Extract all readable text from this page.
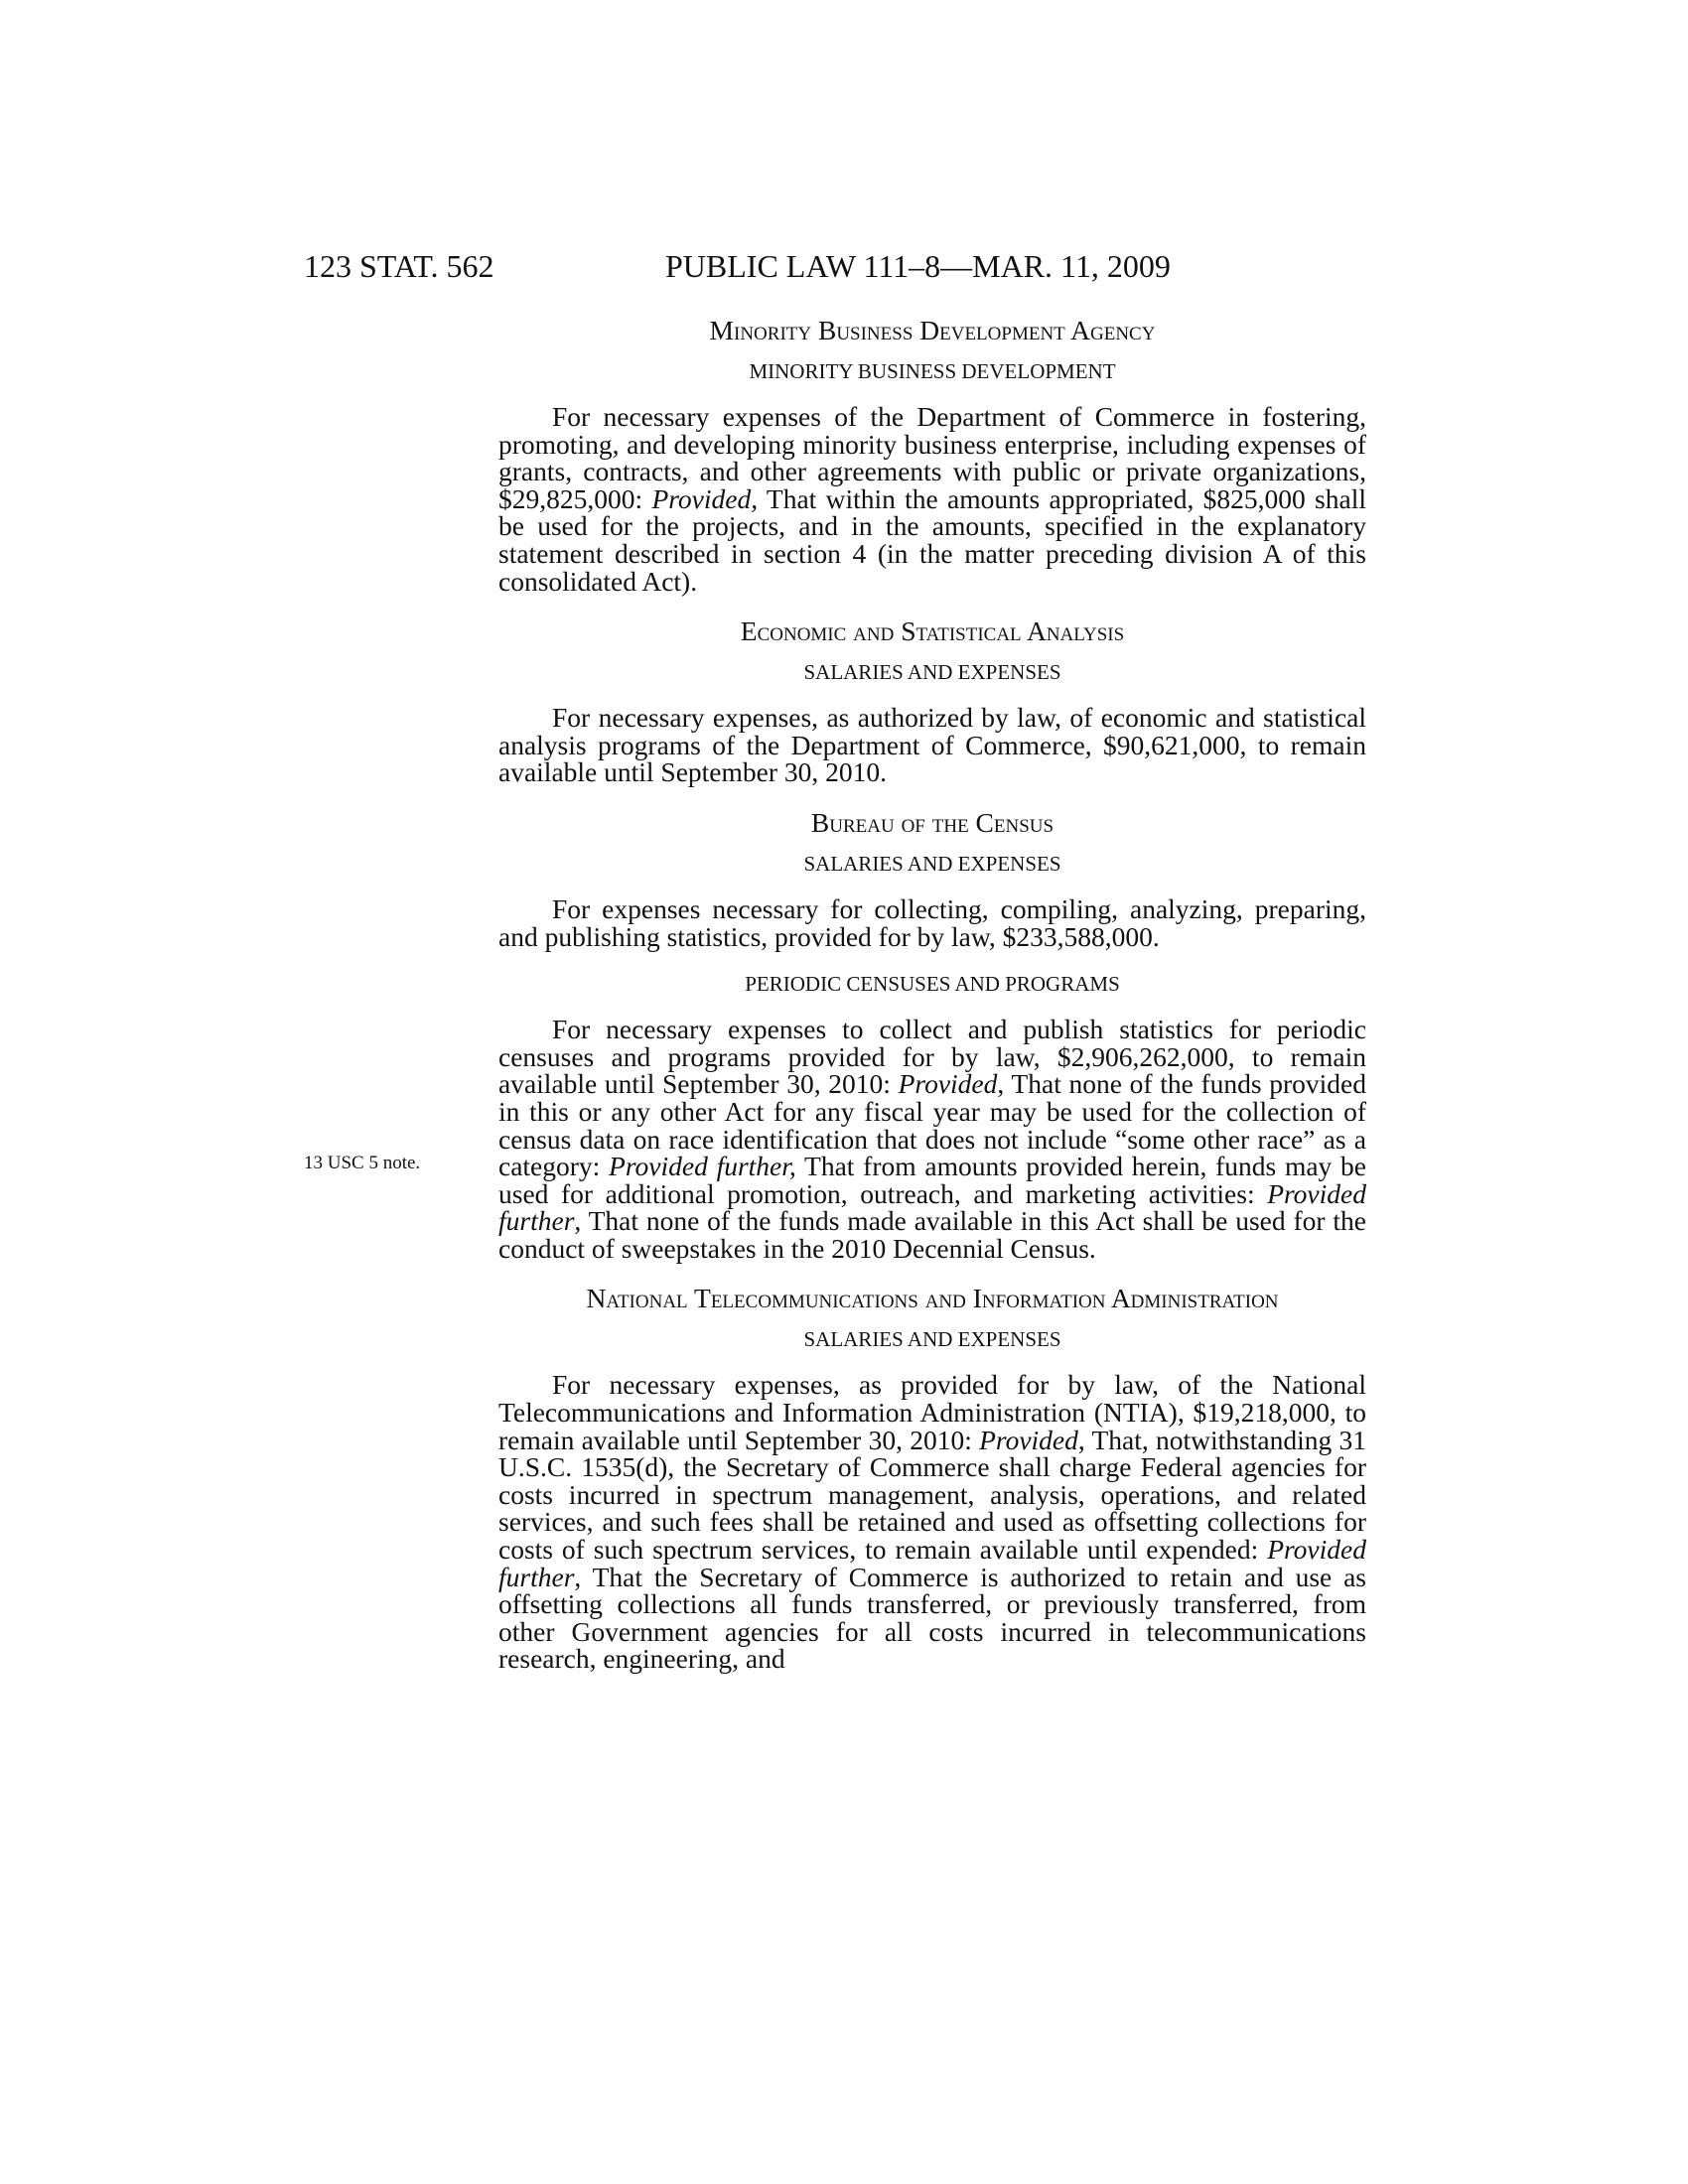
123 STAT. 562	PUBLIC LAW 111–8—MAR. 11, 2009
13 USC 5 note.
Minority Business Development Agency
MINORITY BUSINESS DEVELOPMENT

For necessary expenses of the Department of Commerce in fostering, promoting, and developing minority business enterprise, including expenses of grants, contracts, and other agreements with public or private organizations, $29,825,000: Provided, That within the amounts appropriated, $825,000 shall be used for the projects, and in the amounts, specified in the explanatory statement described in section 4 (in the matter preceding division A of this consolidated Act).

Economic and Statistical Analysis
SALARIES AND EXPENSES

For necessary expenses, as authorized by law, of economic and statistical analysis programs of the Department of Commerce, $90,621,000, to remain available until September 30, 2010.

Bureau of the Census
SALARIES AND EXPENSES

For expenses necessary for collecting, compiling, analyzing, preparing, and publishing statistics, provided for by law, $233,588,000.

PERIODIC CENSUSES AND PROGRAMS

For necessary expenses to collect and publish statistics for periodic censuses and programs provided for by law, $2,906,262,000, to remain available until September 30, 2010: Provided, That none of the funds provided in this or any other Act for any fiscal year may be used for the collection of census data on race identification that does not include “some other race” as a category: Provided further, That from amounts provided herein, funds may be used for additional promotion, outreach, and marketing activities: Provided further, That none of the funds made available in this Act shall be used for the conduct of sweepstakes in the 2010 Decennial Census.

National Telecommunications and Information Administration
SALARIES AND EXPENSES

For necessary expenses, as provided for by law, of the National Telecommunications and Information Administration (NTIA), $19,218,000, to remain available until September 30, 2010: Provided, That, notwithstanding 31 U.S.C. 1535(d), the Secretary of Commerce shall charge Federal agencies for costs incurred in spectrum management, analysis, operations, and related services, and such fees shall be retained and used as offsetting collections for costs of such spectrum services, to remain available until expended: Provided further, That the Secretary of Commerce is authorized to retain and use as offsetting collections all funds transferred, or previously transferred, from other Government agencies for all costs incurred in telecommunications research, engineering, and
